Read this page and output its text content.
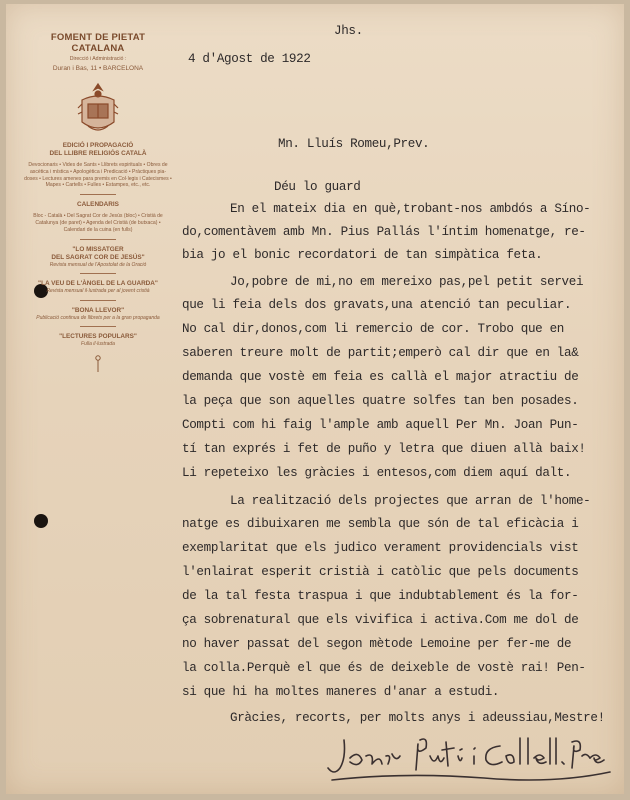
FOMENT DE PIETAT CATALANA
Direcció i Administració :
Duran i Bas, 11 • BARCELONA
EDICIÓ I PROPAGACIÓ
DEL LLIBRE RELIGIÓS CATALÀ
Devocionaris • Vides de Sants • Llibrets espirituals • Obres de ascètica i mística • Apologètica i Predicació • Pràctiques pia-doses • Lectures amenes para premis en Col·legis i Catecismes • Mapes • Cartells • Fulles • Estampes, etc., etc.
CALENDARIS
Bloc - Català • Del Sagrat Cor de Jesús (bloc) • Cristià de Catalunya (de paret) • Agenda del Cristià (de butxaca) • Calendari de la cuina (en fulls)
"LO MISSATGER
DEL SAGRAT COR DE JESÚS"
Revista mensual de l'Apostolat de la Oració
"LA VEU DE L'ÀNGEL DE LA GUARDA"
Revista mensual il·lustrada per al jovent cristià
"BONA LLEVOR"
Publicació continua de llibrets per a la gran propaganda
"LECTURES POPULARS"
Fulla il·lustrada
Jhs.
4 d'Agost de 1922
Mn. Lluís Romeu,Prev.
Déu lo guard
En el mateix dia en què,trobant-nos ambdós a Síno-
do,comentàvem amb Mn. Pius Pallás l'íntim homenatge, re-
bia jo el bonic recordatori de tan simpàtica feta.
Jo,pobre de mi,no em mereixo pas,pel petit servei
que li feia dels dos gravats,una atenció tan peculiar.
No cal dir,donos,com li remercio de cor. Trobo que en
saberen treure molt de partit;emperò cal dir que en la&
demanda que vostè em feia es callà el major atractiu de
la peça que son aquelles quatre solfes tan ben posades.
Compti com hi faig l'ample amb aquell Per Mn. Joan Pun-
tí tan exprés i fet de puño y letra que diuen allà baix!
Li repeteixo les gràcies i entesos,com diem aquí dalt.
La realització dels projectes que arran de l'home-
natge es dibuixaren me sembla que són de tal eficàcia i
exemplaritat que els judico verament providencials vist
l'enlairat esperit cristià i catòlic que pels documents
de la tal festa traspua i que indubtablement és la for-
ça sobrenatural que els vivifica i activa.Com me dol de
no haver passat del segon mètode Lemoine per fer-me de
la colla.Perquè el que és de deixeble de vostè rai! Pen-
si que hi ha moltes maneres d'anar a estudi.
Gràcies, recorts, per molts anys i adeussiau,Mestre!
